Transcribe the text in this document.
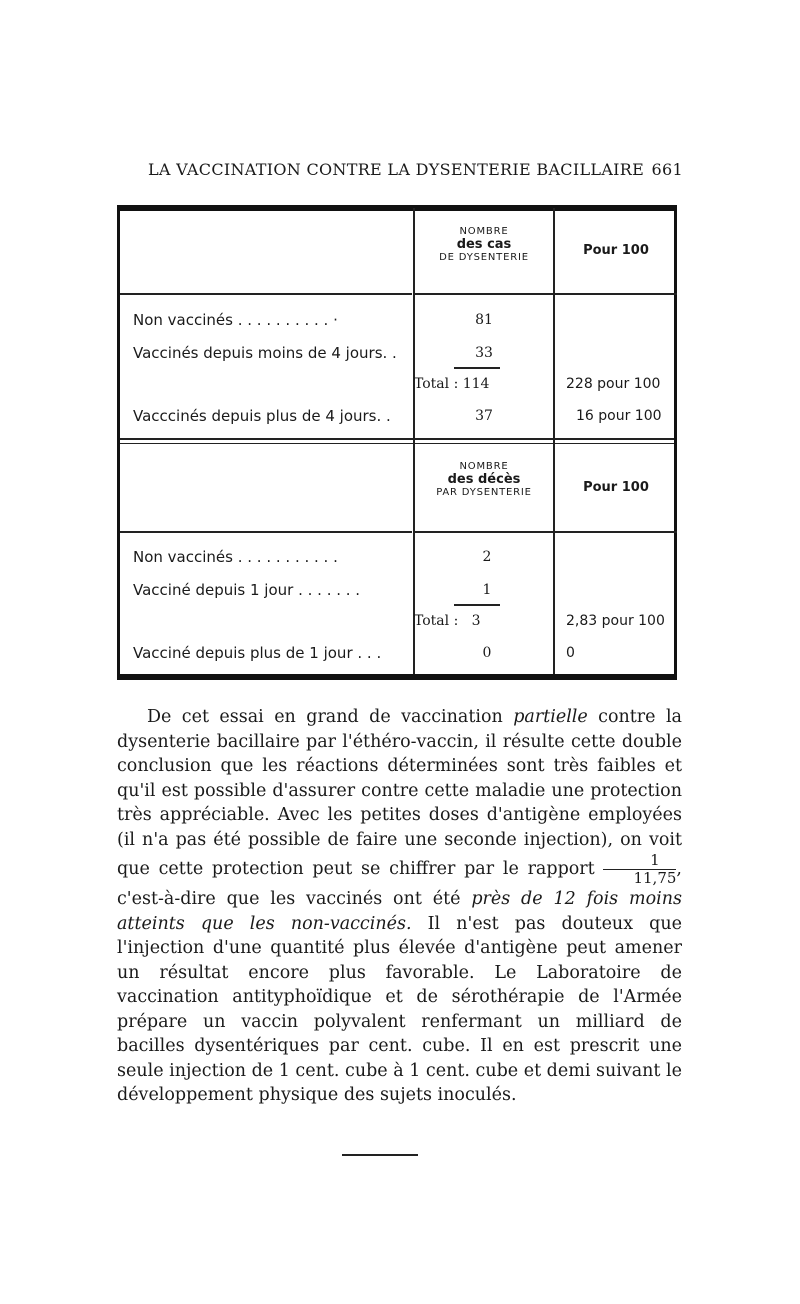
LA VACCINATION CONTRE LA DYSENTERIE BACILLAIRE 661
NOMBRE
des cas
DE DYSENTERIE	Pour 100
Non vaccinés . . . . . . . . . . ·	81
Vaccinés depuis moins de 4 jours. .	33
Total : 114	228 pour 100
Vacccinés depuis plus de 4 jours. .	37	16 pour 100
NOMBRE
des décès
PAR DYSENTERIE	Pour 100
Non vaccinés . . . . . . . . . . .	2
Vacciné depuis 1 jour . . . . . . .	1
Total :   3	2,83 pour 100
Vacciné depuis plus de 1 jour . . .	0	0

De cet essai en grand de vaccination partielle contre la dysenterie bacillaire par l'éthéro-vaccin, il résulte cette double conclusion que les réactions déterminées sont très faibles et qu'il est possible d'assurer contre cette maladie une protection très appréciable. Avec les petites doses d'antigène employées (il n'a pas été possible de faire une seconde injection), on voit que cette protection peut se chiffrer par le rapport $\frac{1}{11,75}$ , c'est-à-dire que les vaccinés ont été près de 12 fois moins atteints que les non-vaccinés. Il n'est pas douteux que l'injection d'une quantité plus élevée d'antigène peut amener un résultat encore plus favorable. Le Laboratoire de vaccination antityphoïdique et de sérothérapie de l'Armée prépare un vaccin polyvalent renfermant un milliard de bacilles dysentériques par cent. cube. Il en est prescrit une seule injection de 1 cent. cube à 1 cent. cube et demi suivant le développement physique des sujets inoculés.
